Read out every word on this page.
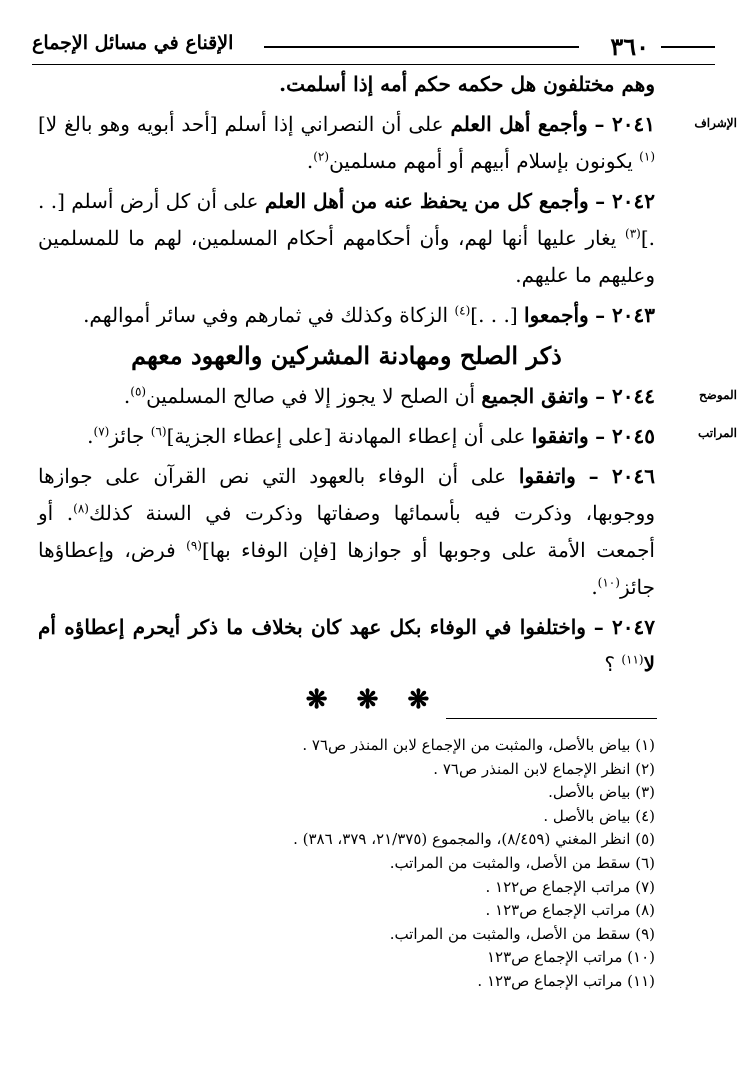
٣٦٠
الإقناع في مسائل الإجماع
الإشراف
الموضح
المراتب

وهم مختلفون هل حكمه حكم أمه إذا أسلمت.

٢٠٤١ – وأجمع أهل العلم على أن النصراني إذا أسلم [أحد أبويه وهو بالغ لا]$^{(١)}$ يكونون بإسلام أبيهم أو أمهم مسلمين$^{(٢)}$.

٢٠٤٢ – وأجمع كل من يحفظ عنه من أهل العلم على أن كل أرض أسلم [. . .]$^{(٣)}$ يغار عليها أنها لهم، وأن أحكامهم أحكام المسلمين، لهم ما للمسلمين وعليهم ما عليهم.

٢٠٤٣ – وأجمعوا [. . .]$^{(٤)}$ الزكاة وكذلك في ثمارهم وفي سائر أموالهم.

ذكر الصلح ومهادنة المشركين والعهود معهم

٢٠٤٤ – واتفق الجميع أن الصلح لا يجوز إلا في صالح المسلمين$^{(٥)}$.

٢٠٤٥ – واتفقوا على أن إعطاء المهادنة [على إعطاء الجزية]$^{(٦)}$ جائز$^{(٧)}$.

٢٠٤٦ – واتفقوا على أن الوفاء بالعهود التي نص القرآن على جوازها ووجوبها، وذكرت فيه بأسمائها وصفاتها وذكرت في السنة كذلك$^{(٨)}$. أو أجمعت الأمة على وجوبها أو جوازها [فإن الوفاء بها]$^{(٩)}$ فرض، وإعطاؤها جائز$^{(١٠)}$.

٢٠٤٧ – واختلفوا في الوفاء بكل عهد كان بخلاف ما ذكر أيحرم إعطاؤه أم لا$^{(١١)}$ ؟

❋ ❋ ❋
(١) بياض بالأصل، والمثبت من الإجماع لابن المنذر ص٧٦ .
(٢) انظر الإجماع لابن المنذر ص٧٦ .
(٣) بياض بالأصل.
(٤) بياض بالأصل .
(٥) انظر المغني (٨/٤٥٩)، والمجموع (٢١/٣٧٥، ٣٧٩، ٣٨٦) .
(٦) سقط من الأصل، والمثبت من المراتب.
(٧) مراتب الإجماع ص١٢٢ .
(٨) مراتب الإجماع ص١٢٣ .
(٩) سقط من الأصل، والمثبت من المراتب.
(١٠) مراتب الإجماع ص١٢٣
(١١) مراتب الإجماع ص١٢٣ .
